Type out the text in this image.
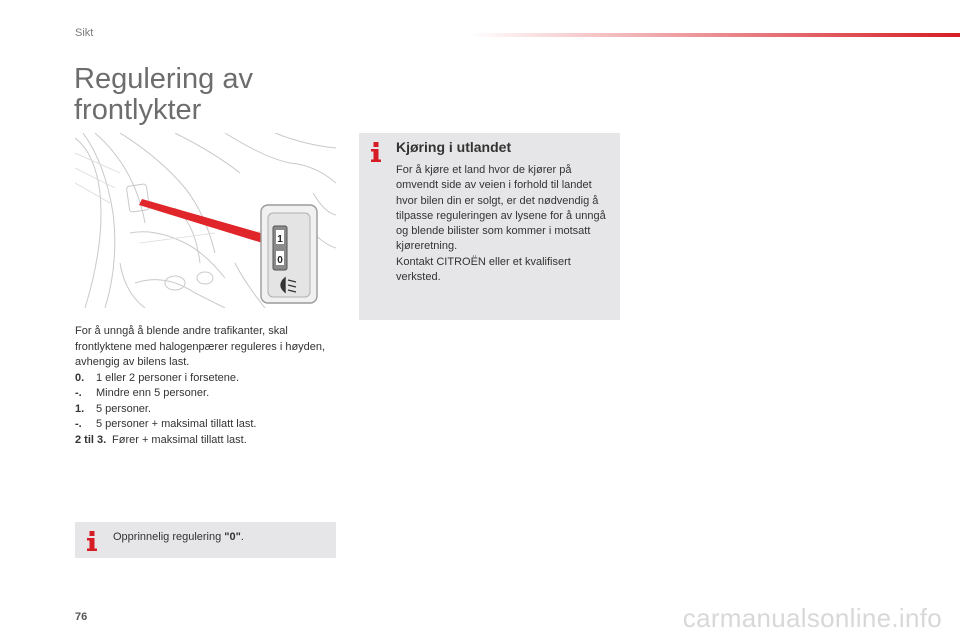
Sikt
Regulering av
frontlykter
1
0

For å unngå å blende andre trafikanter, skal frontlyktene med halogenpærer reguleres i høyden, avhengig av bilens last.

0.	1 eller 2 personer i forsetene.
-.	Mindre enn 5 personer.
1.	5 personer.
-.	5 personer + maksimal tillatt last.
2 til 3. Fører + maksimal tillatt last.
Opprinnelig regulering "0".
Kjøring i utlandet

For å kjøre et land hvor de kjører på omvendt side av veien i forhold til landet hvor bilen din er solgt, er det nødvendig å tilpasse reguleringen av lysene for å unngå og blende bilister som kommer i motsatt kjøreretning.

Kontakt CITROËN eller et kvalifisert verksted.

76	carmanualsonline.info
